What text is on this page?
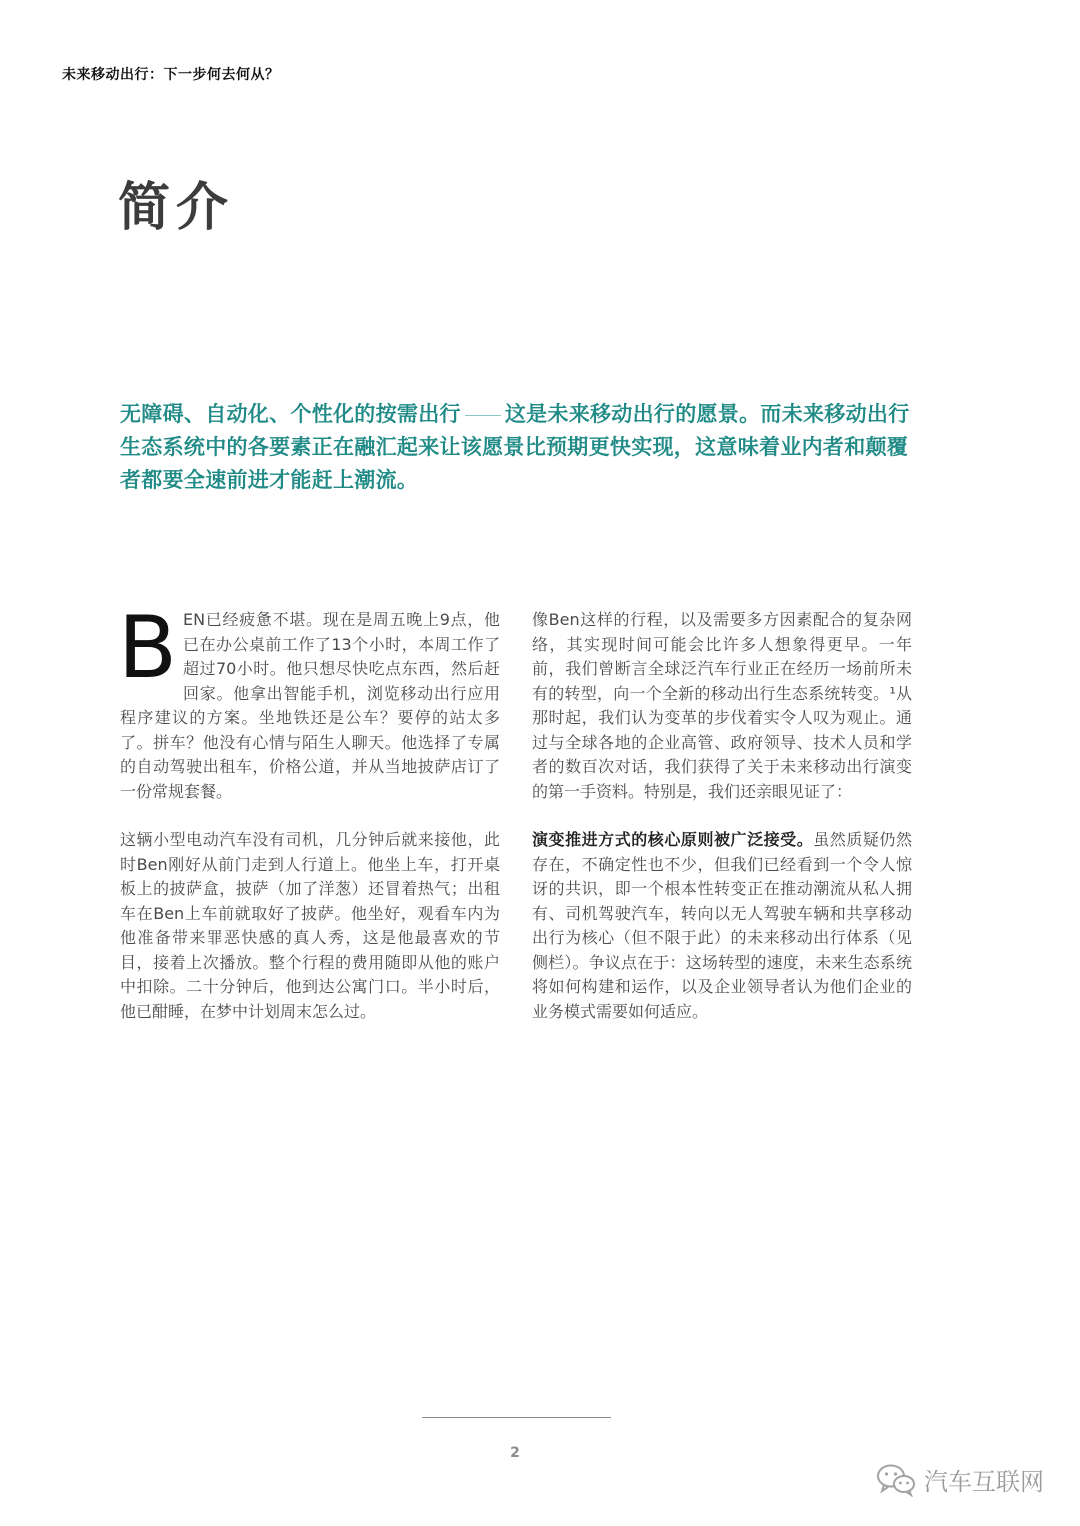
未来移动出行：下一步何去何从？
简介
无障碍、自动化、个性化的按需出行 这是未来移动出行的愿景。而未来移动出行生态系统中的各要素正在融汇起来让该愿景比预期更快实现，这意味着业内者和颠覆者都要全速前进才能赶上潮流。

BEN已经疲惫不堪。现在是周五晚上9点，他已在办公桌前工作了13个小时，本周工作了超过70小时。他只想尽快吃点东西，然后赶回家。他拿出智能手机，浏览移动出行应用程序建议的方案。坐地铁还是公车？要停的站太多了。拼车？他没有心情与陌生人聊天。他选择了专属的自动驾驶出租车，价格公道，并从当地披萨店订了一份常规套餐。

这辆小型电动汽车没有司机，几分钟后就来接他，此时Ben刚好从前门走到人行道上。他坐上车，打开桌板上的披萨盒，披萨（加了洋葱）还冒着热气；出租车在Ben上车前就取好了披萨。他坐好，观看车内为他准备带来罪恶快感的真人秀，这是他最喜欢的节目，接着上次播放。整个行程的费用随即从他的账户中扣除。二十分钟后，他到达公寓门口。半小时后，他已酣睡，在梦中计划周末怎么过。

像Ben这样的行程，以及需要多方因素配合的复杂网络，其实现时间可能会比许多人想象得更早。一年前，我们曾断言全球泛汽车行业正在经历一场前所未有的转型，向一个全新的移动出行生态系统转变。¹从那时起，我们认为变革的步伐着实令人叹为观止。通过与全球各地的企业高管、政府领导、技术人员和学者的数百次对话，我们获得了关于未来移动出行演变的第一手资料。特别是，我们还亲眼见证了：

演变推进方式的核心原则被广泛接受。虽然质疑仍然存在，不确定性也不少，但我们已经看到一个令人惊讶的共识，即一个根本性转变正在推动潮流从私人拥有、司机驾驶汽车，转向以无人驾驶车辆和共享移动出行为核心（但不限于此）的未来移动出行体系（见侧栏）。争议点在于：这场转型的速度，未来生态系统将如何构建和运作，以及企业领导者认为他们企业的业务模式需要如何适应。

2
汽车互联网
